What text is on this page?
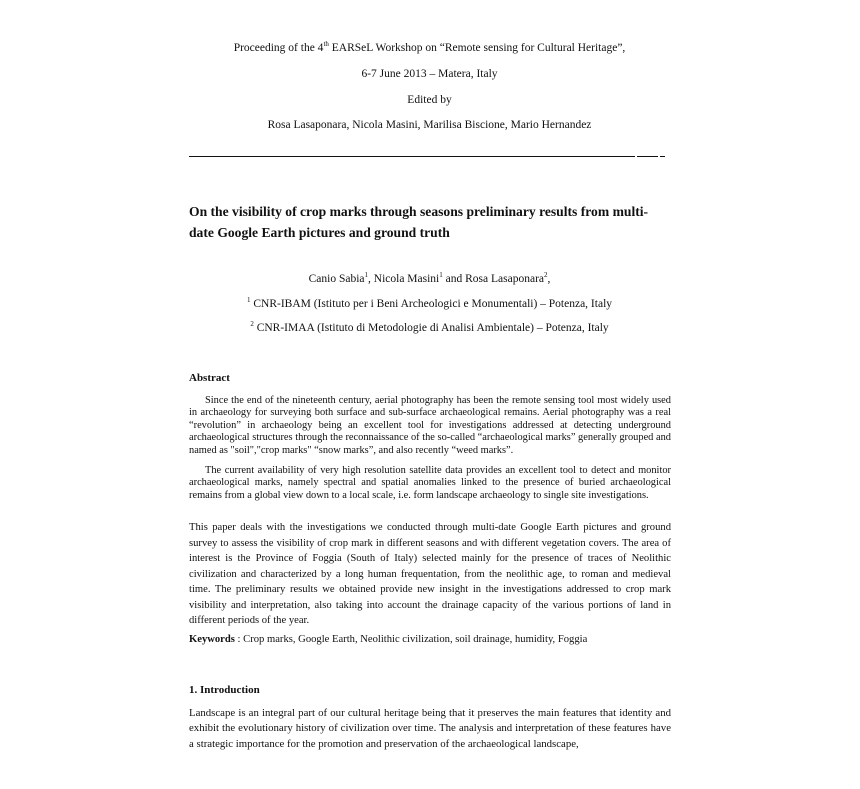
Proceeding of the 4th EARSeL Workshop on “Remote sensing for Cultural Heritage”,
6-7 June 2013 – Matera, Italy
Edited by
Rosa Lasaponara, Nicola Masini, Marilisa Biscione, Mario Hernandez
On the visibility of crop marks through seasons preliminary results from multi-date Google Earth pictures and ground truth
Canio Sabia$^1$, Nicola Masini$^1$ and Rosa Lasaponara$^2$,
$^1$ CNR-IBAM (Istituto per i Beni Archeologici e Monumentali) – Potenza, Italy
$^2$ CNR-IMAA (Istituto di Metodologie di Analisi Ambientale) – Potenza, Italy
Abstract
Since the end of the nineteenth century, aerial photography has been the remote sensing tool most widely used in archaeology for surveying both surface and sub-surface archaeological remains. Aerial photography was a real “revolution” in archaeology being an excellent tool for investigations addressed at detecting underground archaeological structures through the reconnaissance of the so-called “archaeological marks” generally grouped and named as "soil","crop marks" “snow marks”, and also recently “weed marks”.
The current availability of very high resolution satellite data provides an excellent tool to detect and monitor archaeological marks, namely spectral and spatial anomalies linked to the presence of buried archaeological remains from a global view down to a local scale, i.e. form landscape archaeology to single site investigations.
This paper deals with the investigations we conducted through multi-date Google Earth pictures and ground survey to assess the visibility of crop mark in different seasons and with different vegetation covers. The area of interest is the Province of Foggia (South of Italy) selected mainly for the presence of traces of Neolithic civilization and characterized by a long human frequentation, from the neolithic age, to roman and medieval time. The preliminary results we obtained provide new insight in the investigations addressed to crop mark visibility and interpretation, also taking into account the drainage capacity of the various portions of land in different periods of the year.
Keywords : Crop marks, Google Earth, Neolithic civilization, soil drainage, humidity, Foggia
1. Introduction
Landscape is an integral part of our cultural heritage being that it preserves the main features that identity and exhibit the evolutionary history of civilization over time. The analysis and interpretation of these features have a strategic importance for the promotion and preservation of the archaeological landscape,
